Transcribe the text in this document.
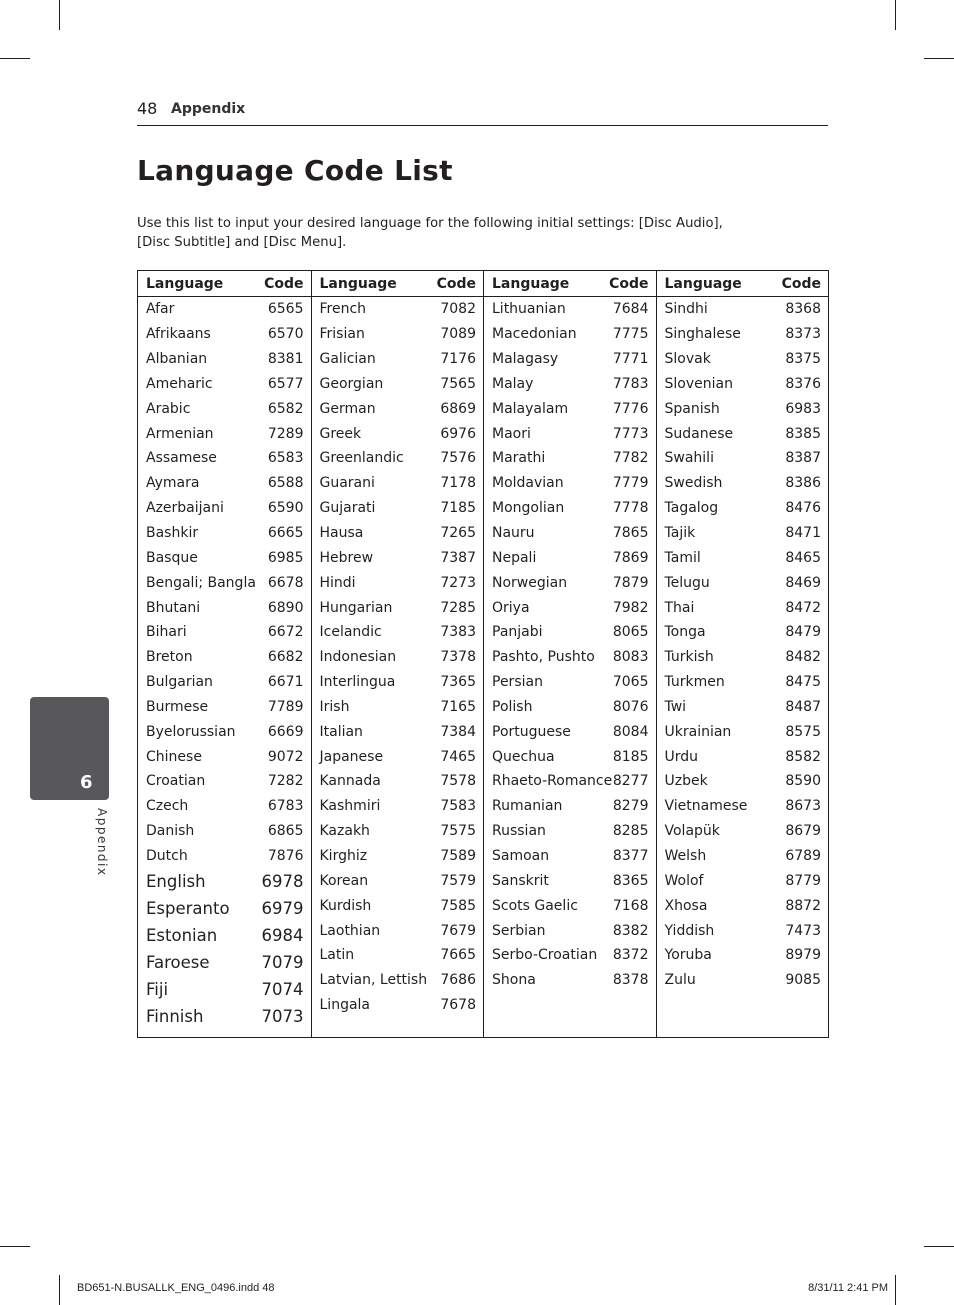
48 Appendix
Language Code List
Use this list to input your desired language for the following initial settings: [Disc Audio],
[Disc Subtitle] and [Disc Menu].
Language	Code
Afar	6565
Afrikaans	6570
Albanian	8381
Ameharic	6577
Arabic	6582
Armenian	7289
Assamese	6583
Aymara	6588
Azerbaijani	6590
Bashkir	6665
Basque	6985
Bengali; Bangla 6678
Bhutani	6890
Bihari	6672
Breton	6682
Bulgarian	6671
Burmese	7789
Byelorussian 6669
Chinese	9072
Croatian	7282
Czech	6783
Danish	6865
Dutch	7876
English	6978
Esperanto 6979
Estonian	6984
Faroese	7079
Fiji	7074
Finnish	7073
Language	Code
French	7082
Frisian	7089
Galician	7176
Georgian	7565
German	6869
Greek	6976
Greenlandic	7576
Guarani	7178
Gujarati	7185
Hausa	7265
Hebrew	7387
Hindi	7273
Hungarian	7285
Icelandic	7383
Indonesian	7378
Interlingua	7365
Irish	7165
Italian	7384
Japanese	7465
Kannada	7578
Kashmiri	7583
Kazakh	7575
Kirghiz	7589
Korean	7579
Kurdish	7585
Laothian	7679
Latin	7665
Latvian, Lettish 7686
Lingala	7678
Language	Code
Lithuanian	7684
Macedonian	7775
Malagasy	7771
Malay	7783
Malayalam	7776
Maori	7773
Marathi	7782
Moldavian	7779
Mongolian	7778
Nauru	7865
Nepali	7869
Norwegian	7879
Oriya	7982
Panjabi	8065
Pashto, Pushto 8083
Persian	7065
Polish	8076
Portuguese	8084
Quechua	8185
Rhaeto-Romance 8277
Rumanian	8279
Russian	8285
Samoan	8377
Sanskrit	8365
Scots Gaelic 7168
Serbian	8382
Serbo-Croatian 8372
Shona	8378
Language	Code
Sindhi	8368
Singhalese	8373
Slovak	8375
Slovenian	8376
Spanish	6983
Sudanese	8385
Swahili	8387
Swedish	8386
Tagalog	8476
Tajik	8471
Tamil	8465
Telugu	8469
Thai	8472
Tonga	8479
Turkish	8482
Turkmen	8475
Twi	8487
Ukrainian	8575
Urdu	8582
Uzbek	8590
Vietnamese	8673
Volapük	8679
Welsh	6789
Wolof	8779
Xhosa	8872
Yiddish	7473
Yoruba	8979
Zulu	9085
6
Appendix
BD651-N.BUSALLK_ENG_0496.indd 48	8/31/11 2:41 PM
